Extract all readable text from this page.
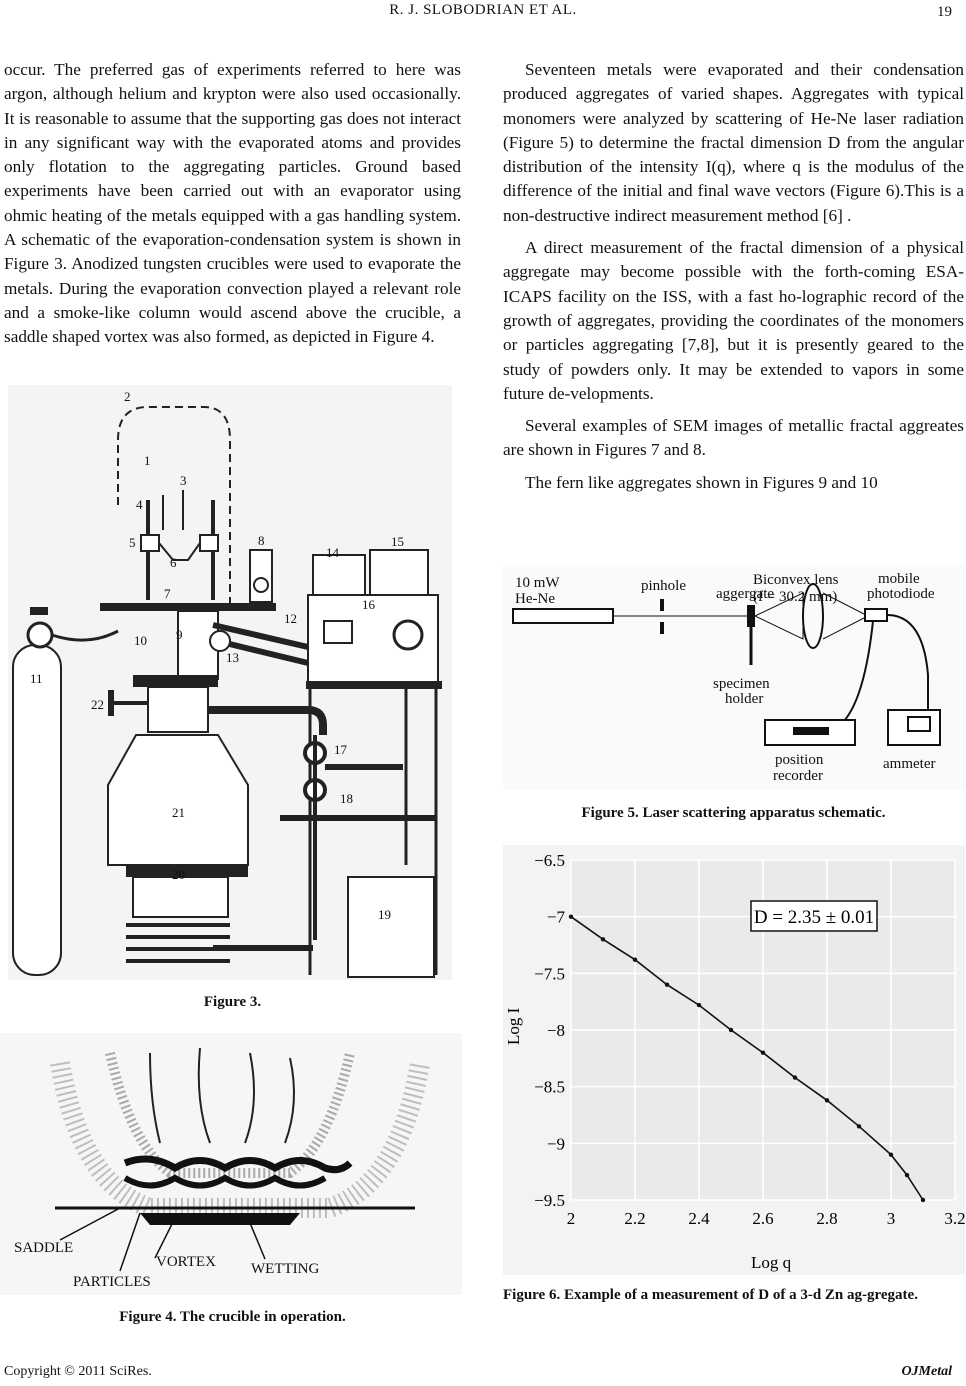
R. J. SLOBODRIAN ET AL.	19

occur. The preferred gas of experiments referred to here was argon, although helium and krypton were also used occasionally. It is reasonable to assume that the supporting gas does not interact in any significant way with the evaporated atoms and provides only flotation to the aggregating particles. Ground based experiments have been carried out with an evaporator using ohmic heating of the metals equipped with a gas handling system. A schematic of the evaporation-condensation system is shown in Figure 3. Anodized tungsten crucibles were used to evaporate the metals. During the evaporation convection played a relevant role and a smoke-like column would ascend above the crucible, a saddle shaped vortex was also formed, as depicted in Figure 4.

1
2
3
4
5
6
7
8
9
10
11
12
13
14
15
16
17
18
19
20
21
22
Figure 3.
SADDLE
PARTICLES
VORTEX WETTING
Figure 4. The crucible in operation.

Seventeen metals were evaporated and their condensation produced aggregates of varied shapes. Aggregates with typical monomers were analyzed by scattering of He-Ne laser radiation (Figure 5) to determine the fractal dimension D from the angular distribution of the intensity I(q), where q is the modulus of the difference of the initial and final wave vectors (Figure 6).This is a non-destructive indirect measurement method [6] .

A direct measurement of the fractal dimension of a physical aggregate may become possible with the forth-coming ESA-ICAPS facility on the ISS, with a fast ho-lographic record of the growth of aggregates, providing the coordinates of the monomers or particles aggregating [7,8], but it is presently geared to the study of powders only. It may be extended to vapors in some future de-velopments.

Several examples of SEM images of metallic fractal aggreates are shown in Figures 7 and 8.

The fern like aggregates shown in Figures 9 and 10

10 mW
He-Ne
pinhole aggergate
Biconvex lens
(f = 30.2 mm)
mobile
photodiode
specimen
holder
position
recorder
ammeter
Figure 5. Laser scattering apparatus schematic.
−6.5
−7
−7.5
−8
−8.5
−9
−9.5
2	2.2	2.4	2.6	2.8	3	3.2
D = 2.35 ± 0.01
Log q
Log I
Figure 6. Example of a measurement of D of a 3-d Zn ag-gregate.
Copyright © 2011 SciRes.	OJMetal
